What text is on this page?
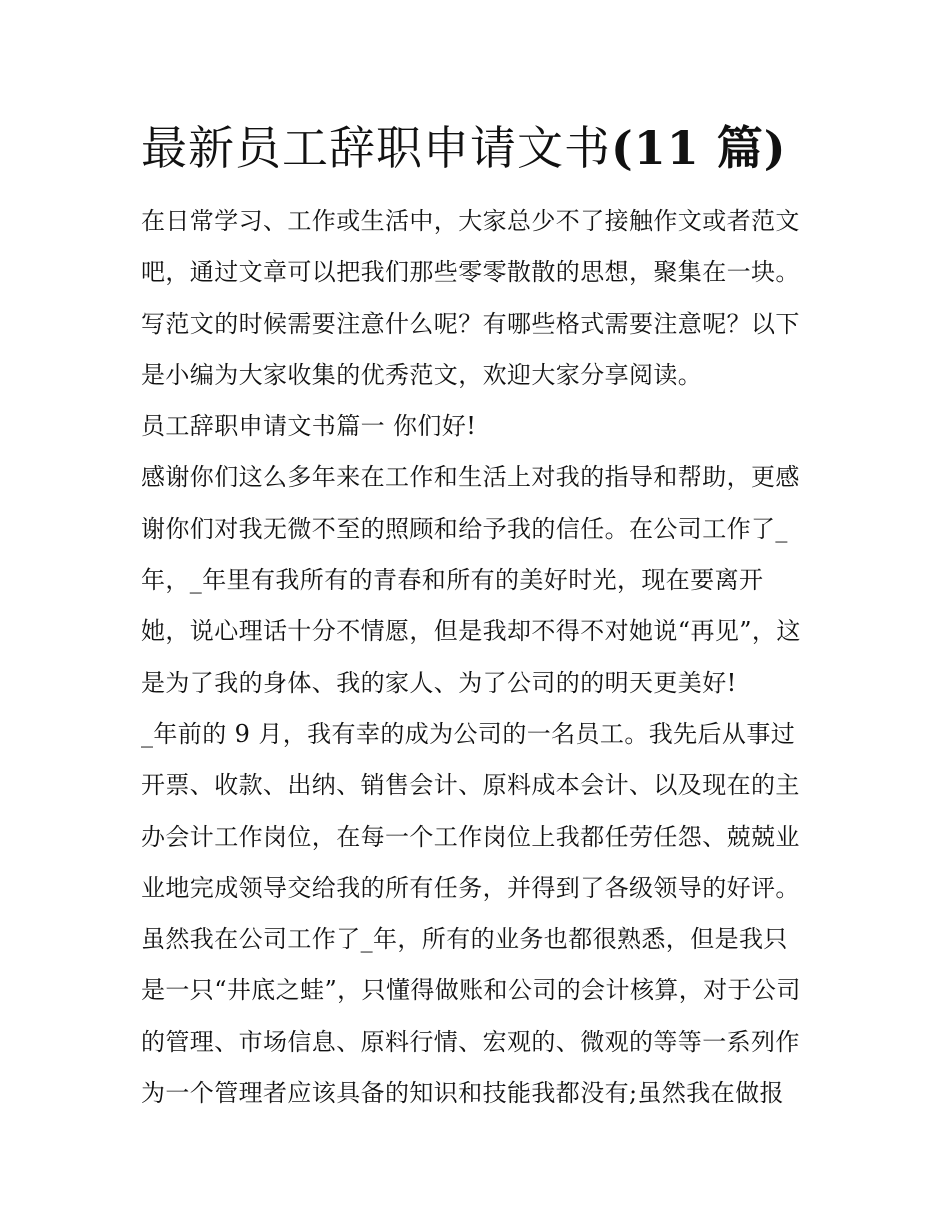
最新员工辞职申请文书(11 篇)
在日常学习、工作或生活中，大家总少不了接触作文或者范文
吧，通过文章可以把我们那些零零散散的思想，聚集在一块。
写范文的时候需要注意什么呢？有哪些格式需要注意呢？以下
是小编为大家收集的优秀范文，欢迎大家分享阅读。
员工辞职申请文书篇一 你们好!
感谢你们这么多年来在工作和生活上对我的指导和帮助，更感
谢你们对我无微不至的照顾和给予我的信任。在公司工作了_
年，_年里有我所有的青春和所有的美好时光，现在要离开
她，说心理话十分不情愿，但是我却不得不对她说“再见”，这
是为了我的身体、我的家人、为了公司的的明天更美好!
_年前的 9 月，我有幸的成为公司的一名员工。我先后从事过
开票、收款、出纳、销售会计、原料成本会计、以及现在的主
办会计工作岗位，在每一个工作岗位上我都任劳任怨、兢兢业
业地完成领导交给我的所有任务，并得到了各级领导的好评。
虽然我在公司工作了_年，所有的业务也都很熟悉，但是我只
是一只“井底之蛙”，只懂得做账和公司的会计核算，对于公司
的管理、市场信息、原料行情、宏观的、微观的等等一系列作
为一个管理者应该具备的知识和技能我都没有;虽然我在做报
